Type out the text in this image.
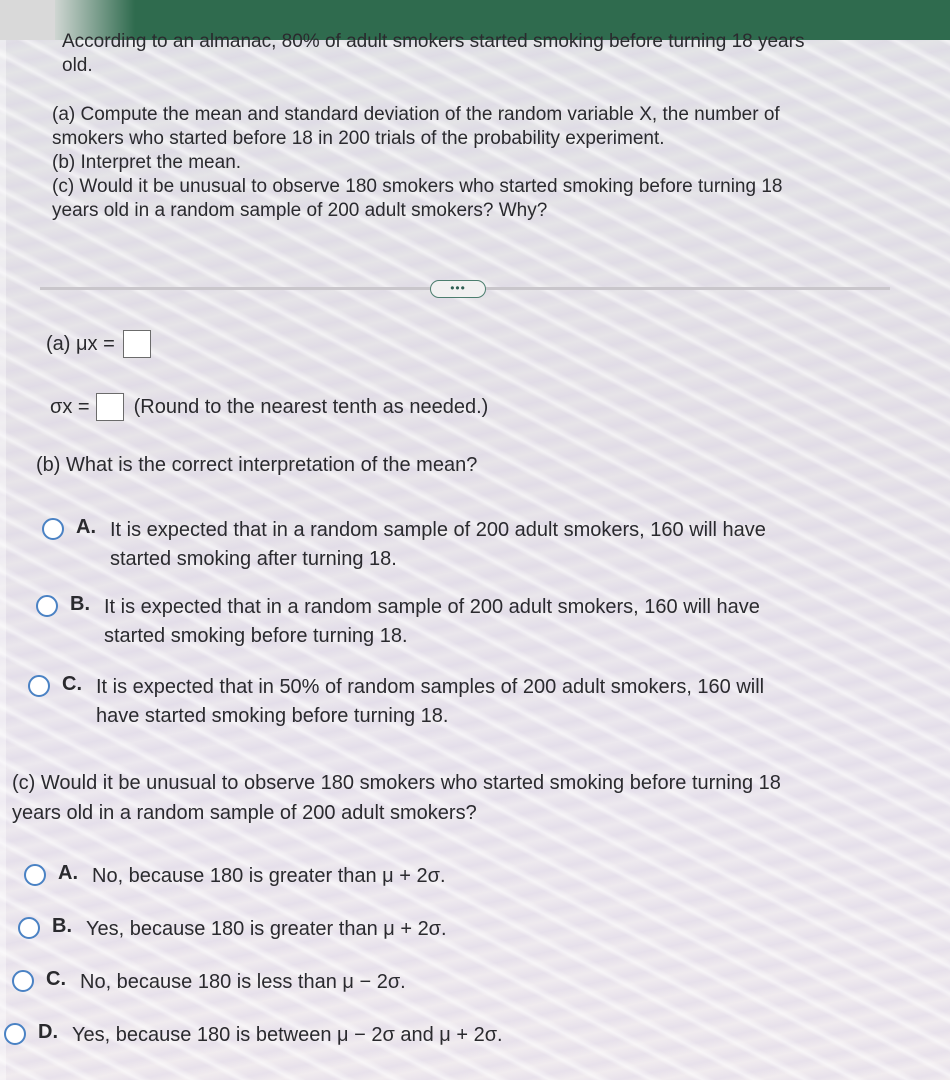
According to an almanac, 80% of adult smokers started smoking before turning 18 years
old.
(a) Compute the mean and standard deviation of the random variable X, the number of
smokers who started before 18 in 200 trials of the probability experiment.
(b) Interpret the mean.
(c) Would it be unusual to observe 180 smokers who started smoking before turning 18
years old in a random sample of 200 adult smokers? Why?
•••
(a) μx =
σx = (Round to the nearest tenth as needed.)
(b) What is the correct interpretation of the mean?
A. It is expected that in a random sample of 200 adult smokers, 160 will have
started smoking after turning 18.
B. It is expected that in a random sample of 200 adult smokers, 160 will have
started smoking before turning 18.
C. It is expected that in 50% of random samples of 200 adult smokers, 160 will
have started smoking before turning 18.
(c) Would it be unusual to observe 180 smokers who started smoking before turning 18
years old in a random sample of 200 adult smokers?
A. No, because 180 is greater than μ + 2σ.
B. Yes, because 180 is greater than μ + 2σ.
C. No, because 180 is less than μ − 2σ.
D. Yes, because 180 is between μ − 2σ and μ + 2σ.
